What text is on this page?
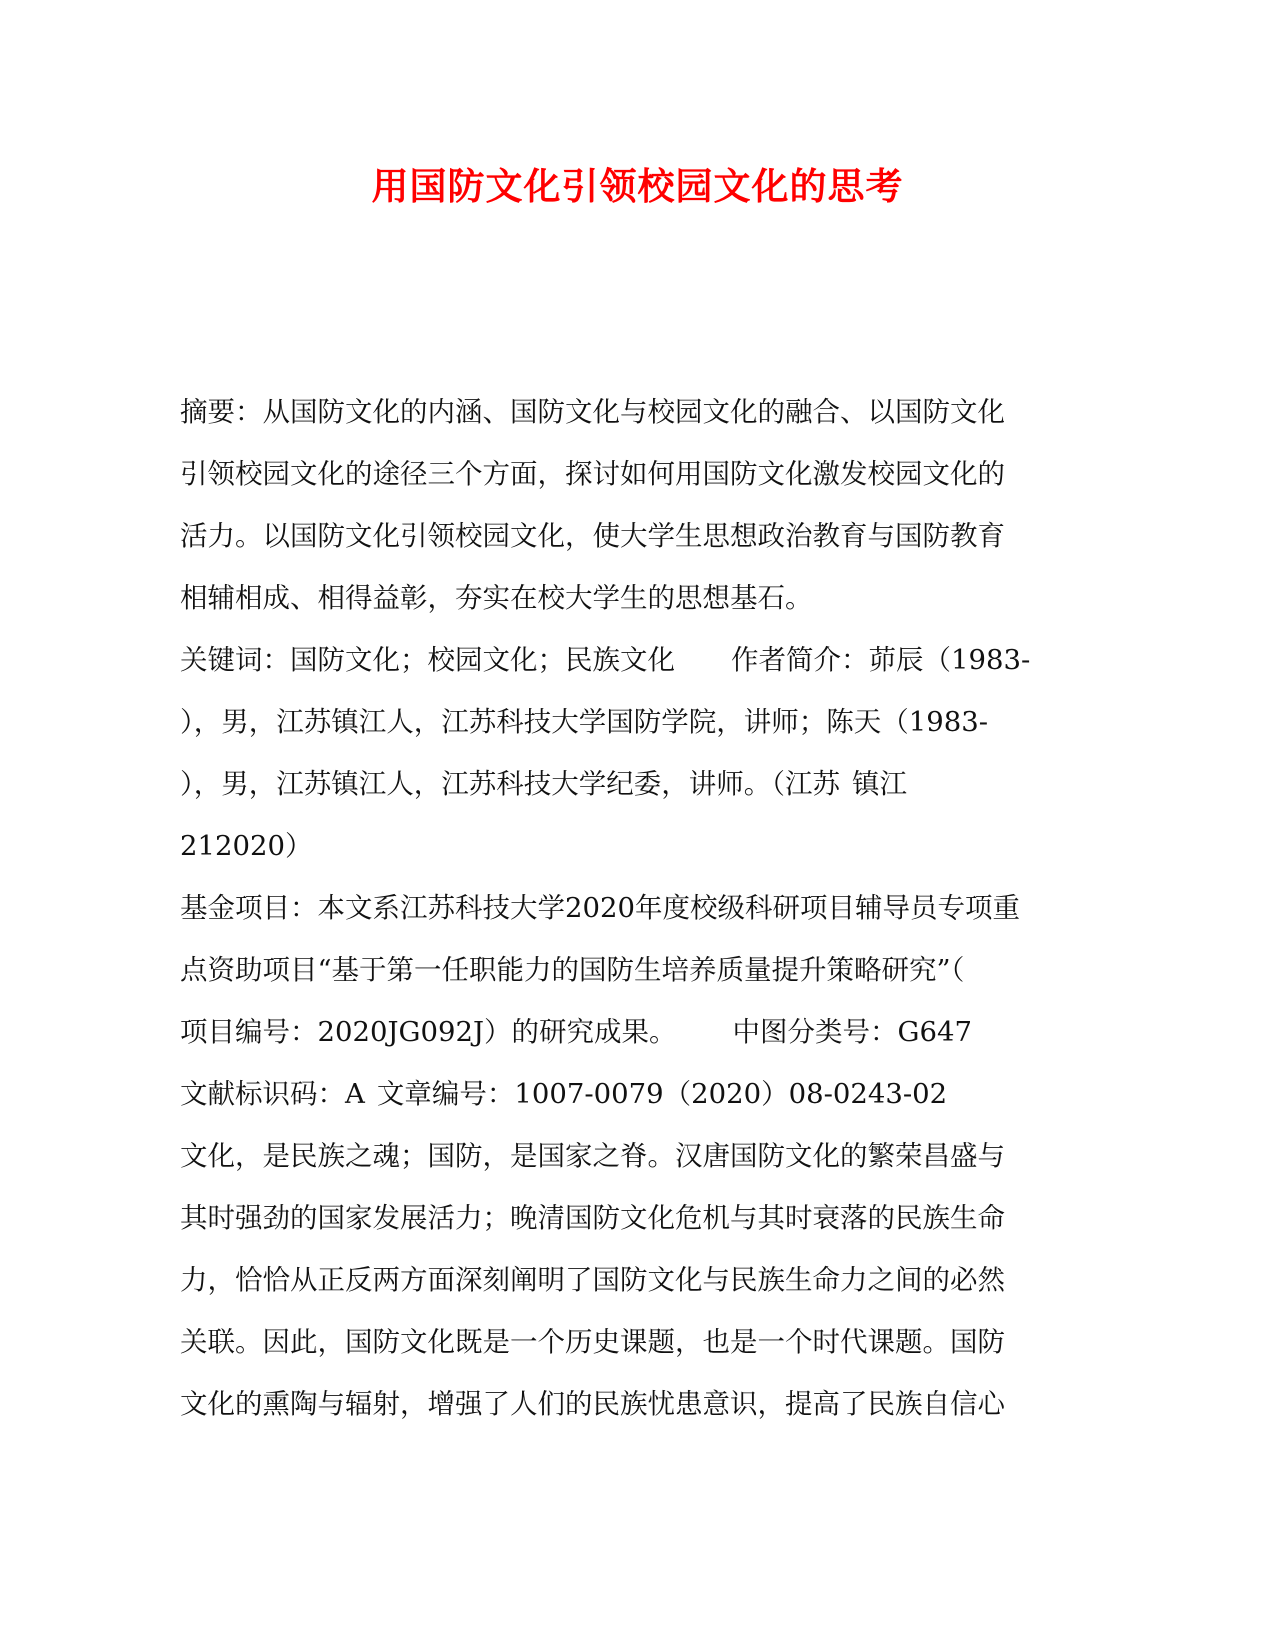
用国防文化引领校园文化的思考

摘要：从国防文化的内涵、国防文化与校园文化的融合、以国防文化

引领校园文化的途径三个方面，探讨如何用国防文化激发校园文化的

活力。以国防文化引领校园文化，使大学生思想政治教育与国防教育

相辅相成、相得益彰，夯实在校大学生的思想基石。

关键词：国防文化；校园文化；民族文化 作者简介：茆辰（1983-

），男，江苏镇江人，江苏科技大学国防学院，讲师；陈天（1983-

），男，江苏镇江人，江苏科技大学纪委，讲师。（江苏 镇江

212020）

基金项目：本文系江苏科技大学2020年度校级科研项目辅导员专项重

点资助项目“基于第一任职能力的国防生培养质量提升策略研究”（

项目编号：2020JG092J）的研究成果。 中图分类号：G647

文献标识码：A 文章编号：1007-0079（2020）08-0243-02

文化，是民族之魂；国防，是国家之脊。汉唐国防文化的繁荣昌盛与

其时强劲的国家发展活力；晚清国防文化危机与其时衰落的民族生命

力，恰恰从正反两方面深刻阐明了国防文化与民族生命力之间的必然

关联。因此，国防文化既是一个历史课题，也是一个时代课题。国防

文化的熏陶与辐射，增强了人们的民族忧患意识，提高了民族自信心
